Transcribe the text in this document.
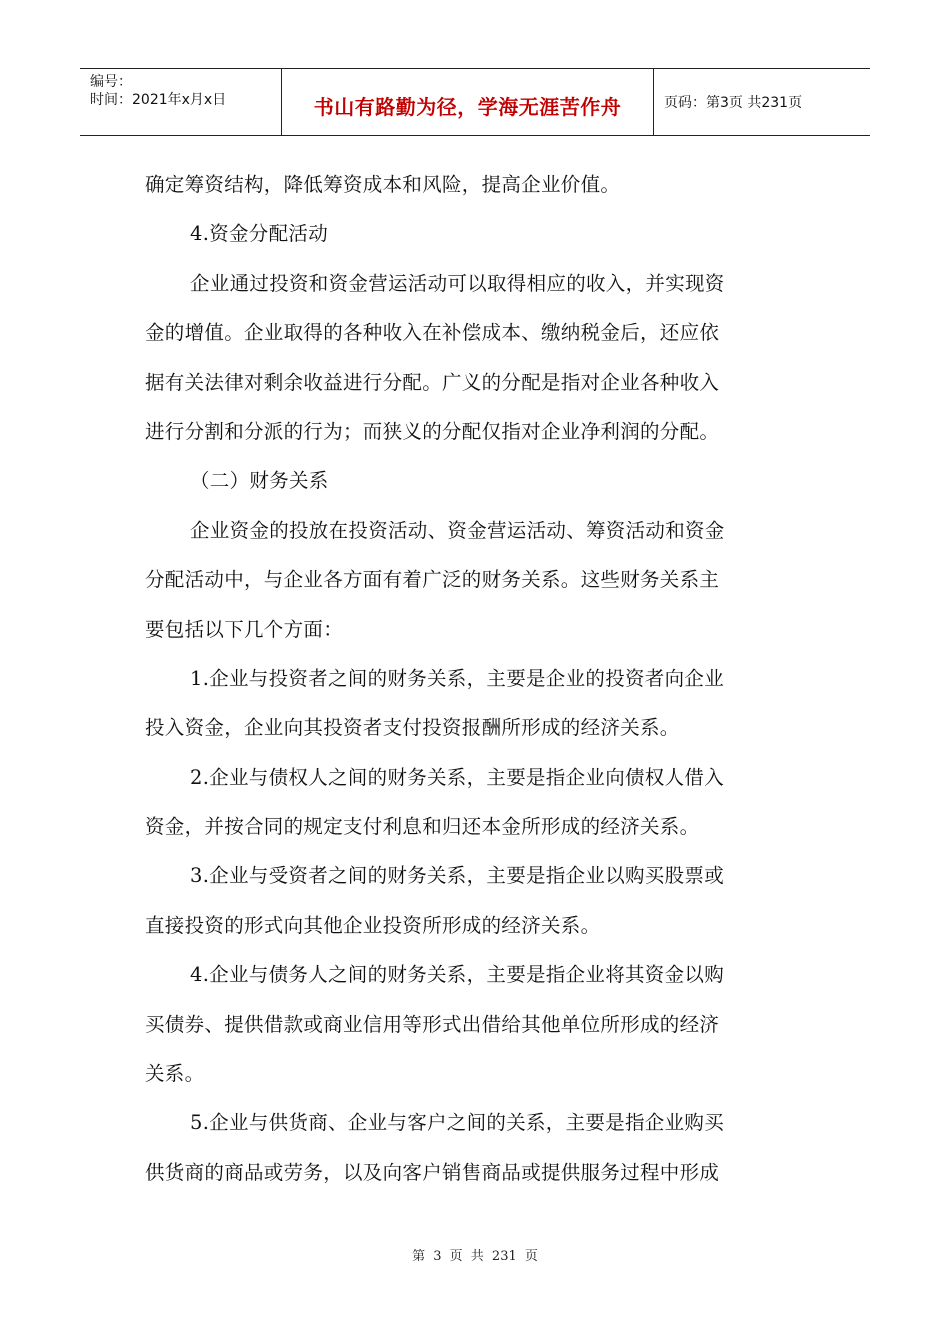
编号：
时间：2021年x月x日	书山有路勤为径，学海无涯苦作舟	页码：第3页 共231页
确定筹资结构，降低筹资成本和风险，提高企业价值。
4.资金分配活动
企业通过投资和资金营运活动可以取得相应的收入，并实现资
金的增值。企业取得的各种收入在补偿成本、缴纳税金后，还应依
据有关法律对剩余收益进行分配。广义的分配是指对企业各种收入
进行分割和分派的行为；而狭义的分配仅指对企业净利润的分配。
（二）财务关系
企业资金的投放在投资活动、资金营运活动、筹资活动和资金
分配活动中，与企业各方面有着广泛的财务关系。这些财务关系主
要包括以下几个方面：
1.企业与投资者之间的财务关系，主要是企业的投资者向企业
投入资金，企业向其投资者支付投资报酬所形成的经济关系。
2.企业与债权人之间的财务关系，主要是指企业向债权人借入
资金，并按合同的规定支付利息和归还本金所形成的经济关系。
3.企业与受资者之间的财务关系，主要是指企业以购买股票或
直接投资的形式向其他企业投资所形成的经济关系。
4.企业与债务人之间的财务关系，主要是指企业将其资金以购
买债券、提供借款或商业信用等形式出借给其他单位所形成的经济
关系。
5.企业与供货商、企业与客户之间的关系，主要是指企业购买
供货商的商品或劳务，以及向客户销售商品或提供服务过程中形成
第 3 页 共 231 页
